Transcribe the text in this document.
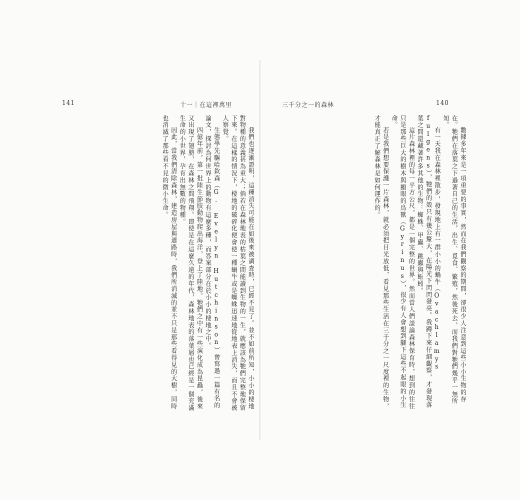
141	十一｜在這裡萬里	三千分之一的森林	140

我們也逐漸證明，這種消失可能在如後來被調查時，已經不見了。並不如前所知，小小的棲地對物種的意義甚為重大；倘若在森林地表的枯葉之間能讀到生物的一生，就應該為牠們完整地保留下來。在這樣的情況下，棲地的破碎化便會使一種蝸牛或是蜘蛛迅速地從地表上消失，而且不會被人察覺。

生態學先驅哈欽森（G. Evelyn Hutchinson）曾寫過一篇有名的論文，探討為何世界上的動物有這麼多種，而答案部分在於小小的棲地之中。

四億年前，第一批陸生節肢動物爬出海洋，登上了陸地。牠們之中有一些演化成為昆蟲，後來又出現了翅膀，在森林之間飛翔。即使是在這麼久遠的年代，森林地表的落葉層也已經是一個充滿生命的小世界，孕育出無數的物種。

因此，當我們清除森林，建造房屋與道路時，我們所消滅的並不只是那些看得見的大樹，同時也消滅了那些看不見的微小生命。	數據多年來是一項重要的事實，然而在我們觀察的期間，卻很少人注意到這些小小生物的存在。牠們在落葉之下過著自己的生活，出生、覓食、繁殖，然後死去，而我們對牠們幾乎一無所知。

有一天我在森林裡散步，發現地上有一群小小的蝸牛（Ovachlamys fulgens），牠們的殼只有幾公釐大，在陽光下閃閃發亮。我蹲下來仔細觀察，才發現落葉之間還藏著許多其他的生物：蜘蛛、甲蟲、跳蟲與蚯蚓。

這片森林裡的每一平方公尺，都是一個完整的世界。然而當人們談論森林保育時，想到的往往只是那些巨大的樹木與顯眼的鳥獸（Gyrinus），很少有人會想到腳下這些不起眼的小生命。

若是我們想要保護一片森林，就必須把目光放低，看見那些生活在三千分之一尺度裡的生物，才能真正了解森林是如何運作的。
